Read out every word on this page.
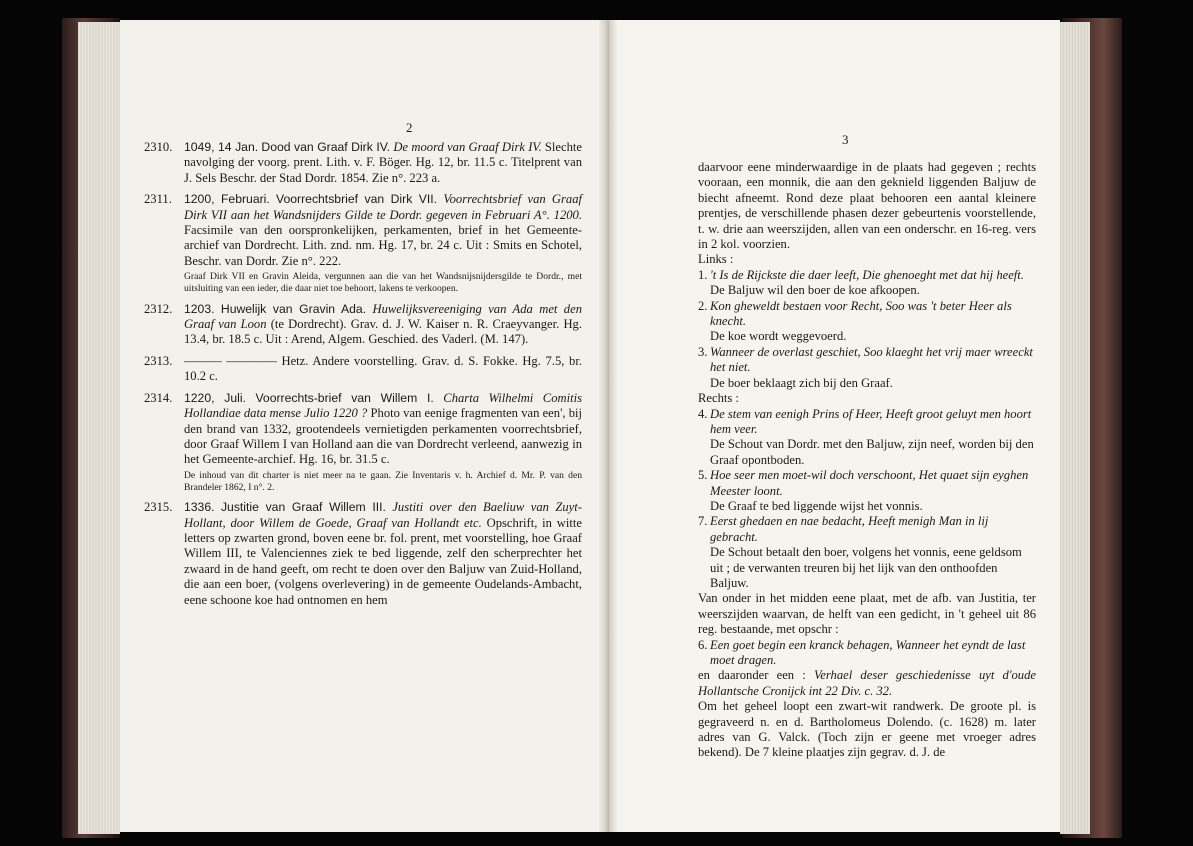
2
2310. 1049, 14 Jan. Dood van Graaf Dirk IV. De moord van Graaf Dirk IV. Slechte navolging der voorg. prent. Lith. v. F. Böger. Hg. 12, br. 11.5 c. Titelprent van J. Sels Beschr. der Stad Dordr. 1854. Zie n°. 223 a.
2311. 1200, Februari. Voorrechtsbrief van Dirk VII. Voorrechtsbrief van Graaf Dirk VII aan het Wandsnijders Gilde te Dordr. gegeven in Februari A°. 1200. Facsimile van den oorspronkelijken, perkamenten, brief in het Gemeente-archief van Dordrecht. Lith. znd. nm. Hg. 17, br. 24 c. Uit : Smits en Schotel, Beschr. van Dordr. Zie n°. 222.
Graaf Dirk VII en Gravin Aleida, vergunnen aan die van het Wandsnijsnijdersgilde te Dordr., met uitsluiting van een ieder, die daar niet toe behoort, lakens te verkoopen.
2312. 1203. Huwelijk van Gravin Ada. Huwelijksvereeniging van Ada met den Graaf van Loon (te Dordrecht). Grav. d. J. W. Kaiser n. R. Craeyvanger. Hg. 13.4, br. 18.5 c. Uit : Arend, Algem. Geschied. des Vaderl. (M. 147).
2313. ——— ———— Hetz. Andere voorstelling. Grav. d. S. Fokke. Hg. 7.5, br. 10.2 c.
2314. 1220, Juli. Voorrechts-brief van Willem I. Charta Wilhelmi Comitis Hollandiae data mense Julio 1220 ? Photo van eenige fragmenten van een', bij den brand van 1332, grootendeels vernietigden perkamenten voorrechtsbrief, door Graaf Willem I van Holland aan die van Dordrecht verleend, aanwezig in het Gemeente-archief. Hg. 16, br. 31.5 c.
De inhoud van dit charter is niet meer na te gaan. Zie Inventaris v. h. Archief d. Mr. P. van den Brandeler 1862, I n°. 2.
2315. 1336. Justitie van Graaf Willem III. Justiti over den Baeliuw van Zuyt-Hollant, door Willem de Goede, Graaf van Hollandt etc. Opschrift, in witte letters op zwarten grond, boven eene br. fol. prent, met voorstelling, hoe Graaf Willem III, te Valenciennes ziek te bed liggende, zelf den scherprechter het zwaard in de hand geeft, om recht te doen over den Baljuw van Zuid-Holland, die aan een boer, (volgens overlevering) in de gemeente Oudelands-Ambacht, eene schoone koe had ontnomen en hem
3

daarvoor eene minderwaardige in de plaats had gegeven ; rechts vooraan, een monnik, die aan den geknield liggenden Baljuw de biecht afneemt. Rond deze plaat behooren een aantal kleinere prentjes, de verschillende phasen dezer gebeurtenis voorstellende, t. w. drie aan weerszijden, allen van een onderschr. en 16-reg. vers in 2 kol. voorzien.

Links :
1. 't Is de Rijckste die daer leeft, Die ghenoeght met dat hij heeft.
De Baljuw wil den boer de koe afkoopen.
2. Kon gheweldt bestaen voor Recht, Soo was 't beter Heer als knecht.
De koe wordt weggevoerd.
3. Wanneer de overlast geschiet, Soo klaeght het vrij maer wreeckt het niet.
De boer beklaagt zich bij den Graaf.
Rechts :
4. De stem van eenigh Prins of Heer, Heeft groot geluyt men hoort hem veer.
De Schout van Dordr. met den Baljuw, zijn neef, worden bij den Graaf opontboden.
5. Hoe seer men moet-wil doch verschoont, Het quaet sijn eyghen Meester loont.
De Graaf te bed liggende wijst het vonnis.
7. Eerst ghedaen en nae bedacht, Heeft menigh Man in lij gebracht.
De Schout betaalt den boer, volgens het vonnis, eene geldsom uit ; de verwanten treuren bij het lijk van den onthoofden Baljuw.

Van onder in het midden eene plaat, met de afb. van Justitia, ter weerszijden waarvan, de helft van een gedicht, in 't geheel uit 86 reg. bestaande, met opschr :

6. Een goet begin een kranck behagen, Wanneer het eyndt de last moet dragen.

en daaronder een : Verhael deser geschiedenisse uyt d'oude Hollantsche Cronijck int 22 Div. c. 32.

Om het geheel loopt een zwart-wit randwerk. De groote pl. is gegraveerd n. en d. Bartholomeus Dolendo. (c. 1628) m. later adres van G. Valck. (Toch zijn er geene met vroeger adres bekend). De 7 kleine plaatjes zijn gegrav. d. J. de
